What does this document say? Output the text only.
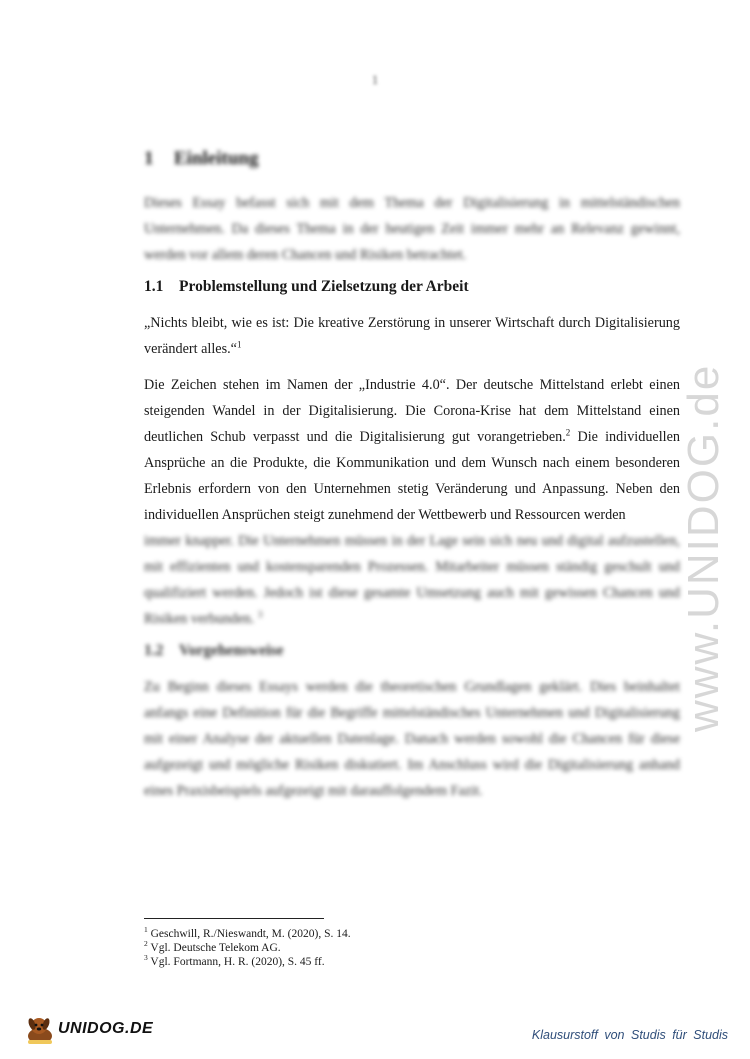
1
www.UNIDOG.de
1 Einleitung

Dieses Essay befasst sich mit dem Thema der Digitalisierung in mittelständischen Unternehmen. Da dieses Thema in der heutigen Zeit immer mehr an Relevanz gewinnt, werden vor allem deren Chancen und Risiken betrachtet.

1.1 Problemstellung und Zielsetzung der Arbeit

„Nichts bleibt, wie es ist: Die kreative Zerstörung in unserer Wirtschaft durch Digitalisierung verändert alles.“$^1$

Die Zeichen stehen im Namen der „Industrie 4.0“. Der deutsche Mittelstand erlebt einen steigenden Wandel in der Digitalisierung. Die Corona-Krise hat dem Mittelstand einen deutlichen Schub verpasst und die Digitalisierung gut vorangetrieben.$^2$ Die individuellen Ansprüche an die Produkte, die Kommunikation und dem Wunsch nach einem besonderen Erlebnis erfordern von den Unternehmen stetig Veränderung und Anpassung. Neben den individuellen Ansprüchen steigt zunehmend der Wettbewerb und Ressourcen werden

immer knapper. Die Unternehmen müssen in der Lage sein sich neu und digital aufzustellen, mit effizienten und kostensparenden Prozessen. Mitarbeiter müssen ständig geschult und qualifiziert werden. Jedoch ist diese gesamte Umsetzung auch mit gewissen Chancen und Risiken verbunden. $^3$

1.2 Vorgehensweise

Zu Beginn dieses Essays werden die theoretischen Grundlagen geklärt. Dies beinhaltet anfangs eine Definition für die Begriffe mittelständisches Unternehmen und Digitalisierung mit einer Analyse der aktuellen Datenlage. Danach werden sowohl die Chancen für diese aufgezeigt und mögliche Risiken diskutiert. Im Anschluss wird die Digitalisierung anhand eines Praxisbeispiels aufgezeigt mit darauffolgendem Fazit.

$^1$ Geschwill, R./Nieswandt, M. (2020), S. 14.
$^2$ Vgl. Deutsche Telekom AG.
$^3$ Vgl. Fortmann, H. R. (2020), S. 45 ff.
UNIDOG.DE	Klausurstoff von Studis für Studis
